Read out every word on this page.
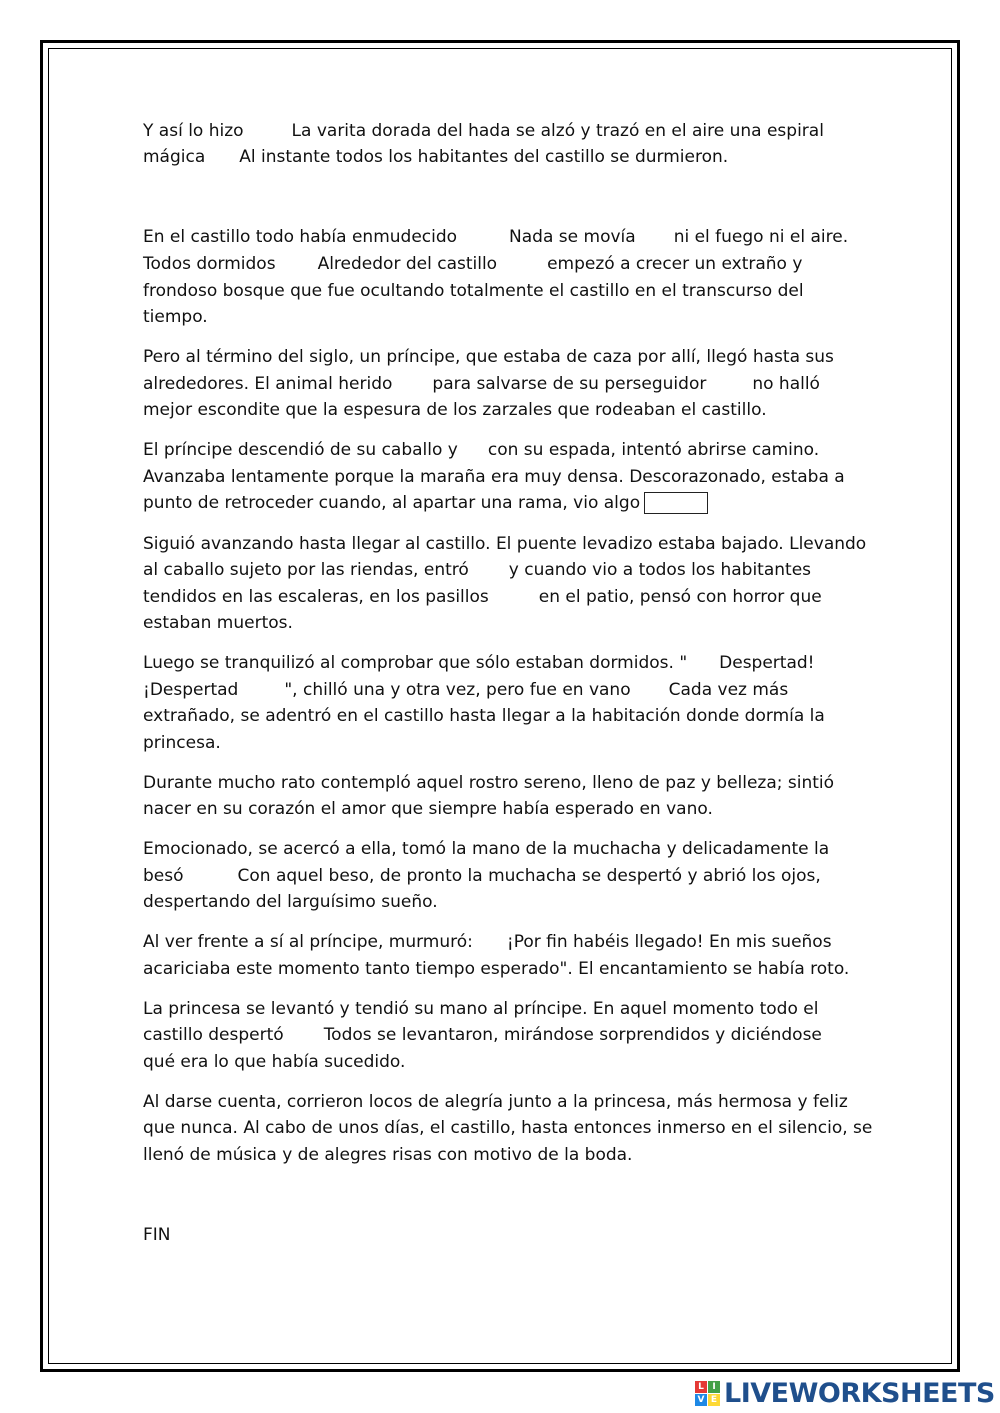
Y así lo hizo	La varita dorada del hada se alzó y trazó en el aire una espiral
mágica Al instante todos los habitantes del castillo se durmieron.
En el castillo todo había enmudecido	Nada se movía ni el fuego ni el aire.
Todos dormidos Alrededor del castillo	empezó a crecer un extraño y
frondoso bosque que fue ocultando totalmente el castillo en el transcurso del
tiempo.
Pero al término del siglo, un príncipe, que estaba de caza por allí, llegó hasta sus
alrededores. El animal herido para salvarse de su perseguidor	no halló
mejor escondite que la espesura de los zarzales que rodeaban el castillo.
El príncipe descendió de su caballo y con su espada, intentó abrirse camino.
Avanzaba lentamente porque la maraña era muy densa. Descorazonado, estaba a
punto de retroceder cuando, al apartar una rama, vio algo
Siguió avanzando hasta llegar al castillo. El puente levadizo estaba bajado. Llevando
al caballo sujeto por las riendas, entró y cuando vio a todos los habitantes
tendidos en las escaleras, en los pasillos	en el patio, pensó con horror que
estaban muertos.
Luego se tranquilizó al comprobar que sólo estaban dormidos. " Despertad!
¡Despertad	", chilló una y otra vez, pero fue en vano Cada vez más
extrañado, se adentró en el castillo hasta llegar a la habitación donde dormía la
princesa.
Durante mucho rato contempló aquel rostro sereno, lleno de paz y belleza; sintió
nacer en su corazón el amor que siempre había esperado en vano.
Emocionado, se acercó a ella, tomó la mano de la muchacha y delicadamente la
besó	Con aquel beso, de pronto la muchacha se despertó y abrió los ojos,
despertando del larguísimo sueño.
Al ver frente a sí al príncipe, murmuró: ¡Por fin habéis llegado! En mis sueños
acariciaba este momento tanto tiempo esperado". El encantamiento se había roto.
La princesa se levantó y tendió su mano al príncipe. En aquel momento todo el
castillo despertó Todos se levantaron, mirándose sorprendidos y diciéndose
qué era lo que había sucedido.
Al darse cuenta, corrieron locos de alegría junto a la princesa, más hermosa y feliz
que nunca. Al cabo de unos días, el castillo, hasta entonces inmerso en el silencio, se
llenó de música y de alegres risas con motivo de la boda.
FIN
L I
V E LIVEWORKSHEETS
